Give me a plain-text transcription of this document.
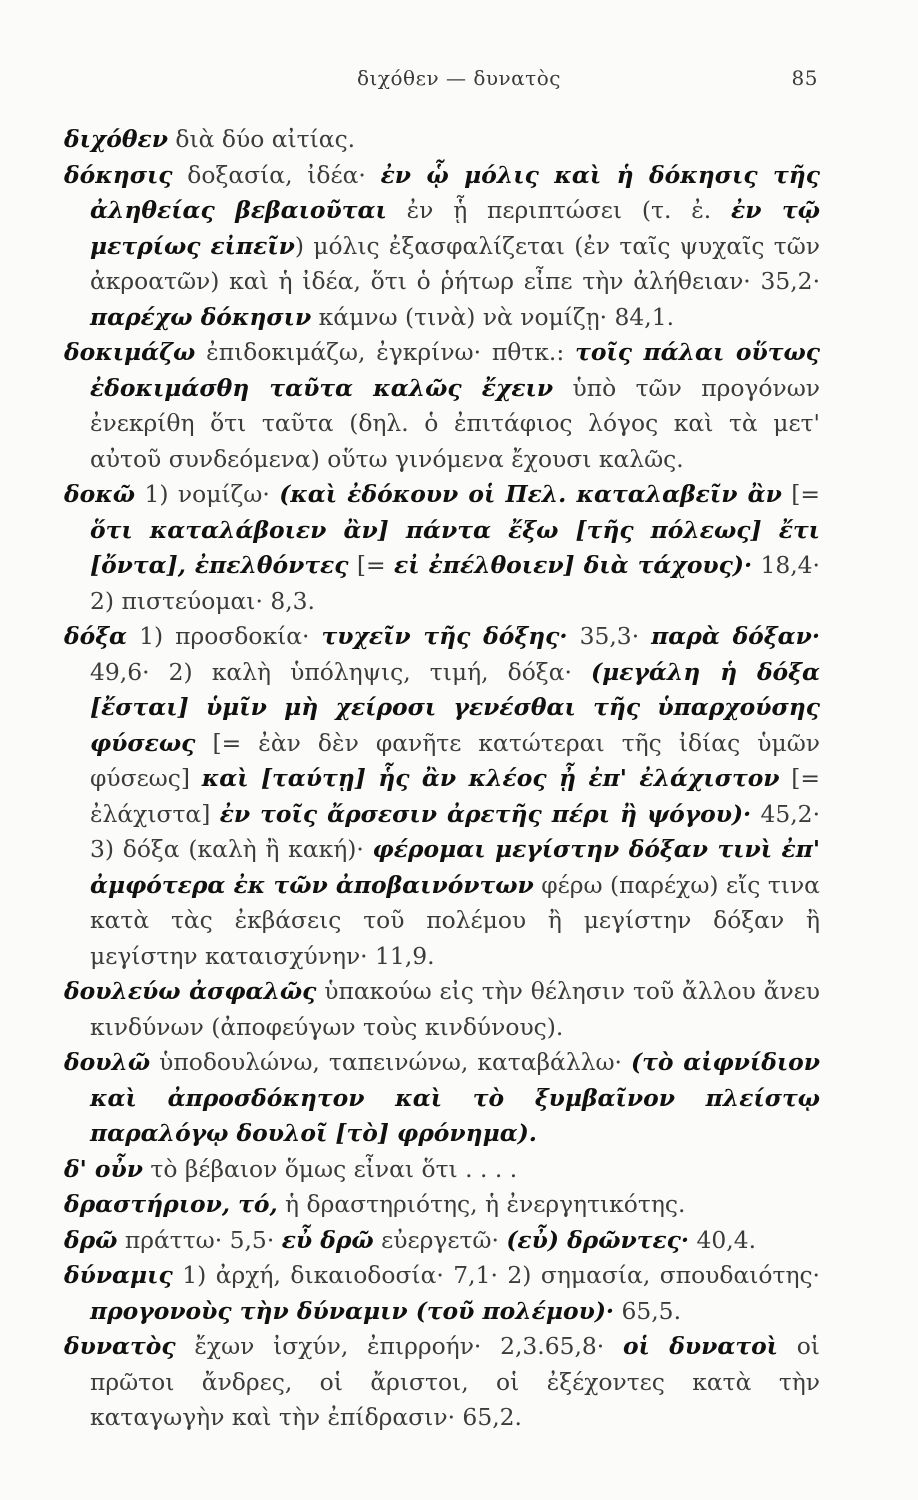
διχόθεν — δυνατὸς	85

διχόθεν διὰ δύο αἰτίας.

δόκησις δοξασία, ἰδέα· ἐν ᾧ μόλις καὶ ἡ δόκησις τῆς ἀληθείας βεβαιοῦται ἐν ᾗ περιπτώσει (τ. ἐ. ἐν τῷ μετρίως εἰπεῖν) μόλις ἐξασφαλίζεται (ἐν ταῖς ψυχαῖς τῶν ἀκροατῶν) καὶ ἡ ἰδέα, ὅτι ὁ ῥήτωρ εἶπε τὴν ἀλήθειαν· 35,2· παρέχω δόκησιν κάμνω (τινὰ) νὰ νομίζῃ· 84,1.

δοκιμάζω ἐπιδοκιμάζω, ἐγκρίνω· πθτκ.: τοῖς πάλαι οὕτως ἐδοκιμάσθη ταῦτα καλῶς ἔχειν ὑπὸ τῶν προγόνων ἐνεκρίθη ὅτι ταῦτα (δηλ. ὁ ἐπιτάφιος λόγος καὶ τὰ μετ' αὐτοῦ συνδεόμενα) οὕτω γινόμενα ἔχουσι καλῶς.

δοκῶ 1) νομίζω· (καὶ ἐδόκουν οἱ Πελ. καταλαβεῖν ἂν [= ὅτι καταλάβοιεν ἂν] πάντα ἔξω [τῆς πόλεως] ἔτι [ὄντα], ἐπελθόντες [= εἰ ἐπέλθοιεν] διὰ τάχους)· 18,4· 2) πιστεύομαι· 8,3.

δόξα 1) προσδοκία· τυχεῖν τῆς δόξης· 35,3· παρὰ δόξαν· 49,6· 2) καλὴ ὑπόληψις, τιμή, δόξα· (μεγάλη ἡ δόξα [ἔσται] ὑμῖν μὴ χείροσι γενέσθαι τῆς ὑπαρχούσης φύσεως [= ἐὰν δὲν φανῆτε κατώτεραι τῆς ἰδίας ὑμῶν φύσεως] καὶ [ταύτῃ] ἧς ἂν κλέος ᾖ ἐπ' ἐλάχιστον [= ἐλάχιστα] ἐν τοῖς ἄρσεσιν ἀρετῆς πέρι ἢ ψόγου)· 45,2· 3) δόξα (καλὴ ἢ κακή)· φέρομαι μεγίστην δόξαν τινὶ ἐπ' ἀμφότερα ἐκ τῶν ἀποβαινόντων φέρω (παρέχω) εἴς τινα κατὰ τὰς ἐκβάσεις τοῦ πολέμου ἢ μεγίστην δόξαν ἢ μεγίστην καταισχύνην· 11,9.

δουλεύω ἀσφαλῶς ὑπακούω εἰς τὴν θέλησιν τοῦ ἄλλου ἄνευ κινδύνων (ἀποφεύγων τοὺς κινδύνους).

δουλῶ ὑποδουλώνω, ταπεινώνω, καταβάλλω· (τὸ αἰφνίδιον καὶ ἀπροσδόκητον καὶ τὸ ξυμβαῖνον πλείστῳ παραλόγῳ δουλοῖ [τὸ] φρόνημα).

δ' οὖν τὸ βέβαιον ὅμως εἶναι ὅτι . . . .

δραστήριον, τό, ἡ δραστηριότης, ἡ ἐνεργητικότης.

δρῶ πράττω· 5,5· εὖ δρῶ εὐεργετῶ· (εὖ) δρῶντες· 40,4.

δύναμις 1) ἀρχή, δικαιοδοσία· 7,1· 2) σημασία, σπουδαιότης· προγονοὺς τὴν δύναμιν (τοῦ πολέμου)· 65,5.

δυνατὸς ἔχων ἰσχύν, ἐπιρροήν· 2,3.65,8· οἱ δυνατοὶ οἱ πρῶτοι ἄνδρες, οἱ ἄριστοι, οἱ ἐξέχοντες κατὰ τὴν καταγωγὴν καὶ τὴν ἐπίδρασιν· 65,2.
